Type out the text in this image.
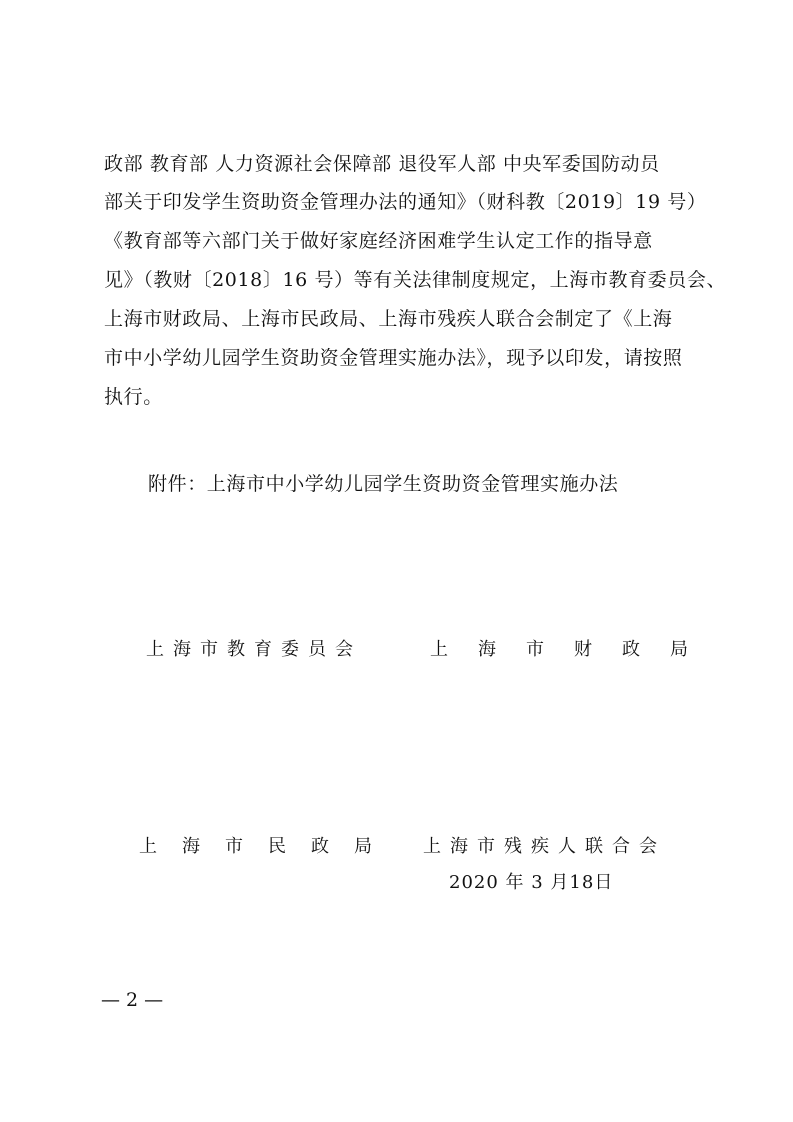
政部 教育部 人力资源社会保障部 退役军人部 中央军委国防动员
部关于印发学生资助资金管理办法的通知》（财科教〔2019〕19 号）
《教育部等六部门关于做好家庭经济困难学生认定工作的指导意
见》（教财〔2018〕16 号）等有关法律制度规定，上海市教育委员会、
上海市财政局、上海市民政局、上海市残疾人联合会制定了《上海
市中小学幼儿园学生资助资金管理实施办法》，现予以印发，请按照
执行。
附件：上海市中小学幼儿园学生资助资金管理实施办法
上海市教育委员会	上海市财政局
上海市民政局 上海市残疾人联合会
2020 年 3 月18日
— 2 —
